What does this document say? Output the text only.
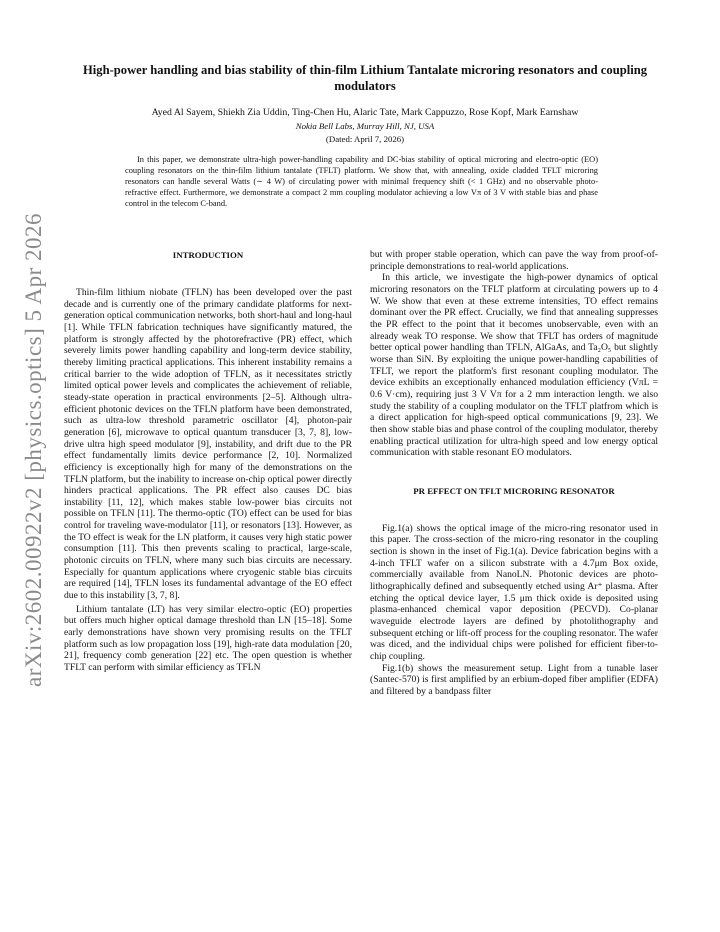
arXiv:2602.00922v2 [physics.optics] 5 Apr 2026
High-power handling and bias stability of thin-film Lithium Tantalate microring resonators and coupling modulators
Ayed Al Sayem, Shiekh Zia Uddin, Ting-Chen Hu, Alaric Tate, Mark Cappuzzo, Rose Kopf, Mark Earnshaw
Nokia Bell Labs, Murray Hill, NJ, USA
(Dated: April 7, 2026)
In this paper, we demonstrate ultra-high power-handling capability and DC-bias stability of optical microring and electro-optic (EO) coupling resonators on the thin-film lithium tantalate (TFLT) platform. We show that, with annealing, oxide cladded TFLT microring resonators can handle several Watts (∼ 4 W) of circulating power with minimal frequency shift (< 1 GHz) and no observable photo-refractive effect. Furthermore, we demonstrate a compact 2 mm coupling modulator achieving a low Vπ of 3 V with stable bias and phase control in the telecom C-band.
INTRODUCTION

Thin-film lithium niobate (TFLN) has been developed over the past decade and is currently one of the primary candidate platforms for next-generation optical communication networks, both short-haul and long-haul [1]. While TFLN fabrication techniques have significantly matured, the platform is strongly affected by the photorefractive (PR) effect, which severely limits power handling capability and long-term device stability, thereby limiting practical applications. This inherent instability remains a critical barrier to the wide adoption of TFLN, as it necessitates strictly limited optical power levels and complicates the achievement of reliable, steady-state operation in practical environments [2–5]. Although ultra-efficient photonic devices on the TFLN platform have been demonstrated, such as ultra-low threshold parametric oscillator [4], photon-pair generation [6], microwave to optical quantum transducer [3, 7, 8], low-drive ultra high speed modulator [9], instability, and drift due to the PR effect fundamentally limits device performance [2, 10]. Normalized efficiency is exceptionally high for many of the demonstrations on the TFLN platform, but the inability to increase on-chip optical power directly hinders practical applications. The PR effect also causes DC bias instability [11, 12], which makes stable low-power bias circuits not possible on TFLN [11]. The thermo-optic (TO) effect can be used for bias control for traveling wave-modulator [11], or resonators [13]. However, as the TO effect is weak for the LN platform, it causes very high static power consumption [11]. This then prevents scaling to practical, large-scale, photonic circuits on TFLN, where many such bias circuits are necessary. Especially for quantum applications where cryogenic stable bias circuits are required [14], TFLN loses its fundamental advantage of the EO effect due to this instability [3, 7, 8].

Lithium tantalate (LT) has very similar electro-optic (EO) properties but offers much higher optical damage threshold than LN [15–18]. Some early demonstrations have shown very promising results on the TFLT platform such as low propagation loss [19], high-rate data modulation [20, 21], frequency comb generation [22] etc. The open question is whether TFLT can perform with similar efficiency as TFLN

but with proper stable operation, which can pave the way from proof-of-principle demonstrations to real-world applications.

In this article, we investigate the high-power dynamics of optical microring resonators on the TFLT platform at circulating powers up to 4 W. We show that even at these extreme intensities, TO effect remains dominant over the PR effect. Crucially, we find that annealing suppresses the PR effect to the point that it becomes unobservable, even with an already weak TO response. We show that TFLT has orders of magnitude better optical power handling than TFLN, AlGaAs, and Ta₂O₅ but slightly worse than SiN. By exploiting the unique power-handling capabilities of TFLT, we report the platform's first resonant coupling modulator. The device exhibits an exceptionally enhanced modulation efficiency (VπL = 0.6 V·cm), requiring just 3 V Vπ for a 2 mm interaction length. we also study the stability of a coupling modulator on the TFLT platfrom which is a direct application for high-speed optical communications [9, 23]. We then show stable bias and phase control of the coupling modulator, thereby enabling practical utilization for ultra-high speed and low energy optical communication with stable resonant EO modulators.

PR EFFECT ON TFLT MICRORING RESONATOR

Fig.1(a) shows the optical image of the micro-ring resonator used in this paper. The cross-section of the micro-ring resonator in the coupling section is shown in the inset of Fig.1(a). Device fabrication begins with a 4-inch TFLT wafer on a silicon substrate with a 4.7μm Box oxide, commercially available from NanoLN. Photonic devices are photo-lithographically defined and subsequently etched using Ar⁺ plasma. After etching the optical device layer, 1.5 μm thick oxide is deposited using plasma-enhanced chemical vapor deposition (PECVD). Co-planar waveguide electrode layers are defined by photolithography and subsequent etching or lift-off process for the coupling resonator. The wafer was diced, and the individual chips were polished for efficient fiber-to-chip coupling.

Fig.1(b) shows the measurement setup. Light from a tunable laser (Santec-570) is first amplified by an erbium-doped fiber amplifier (EDFA) and filtered by a bandpass filter
